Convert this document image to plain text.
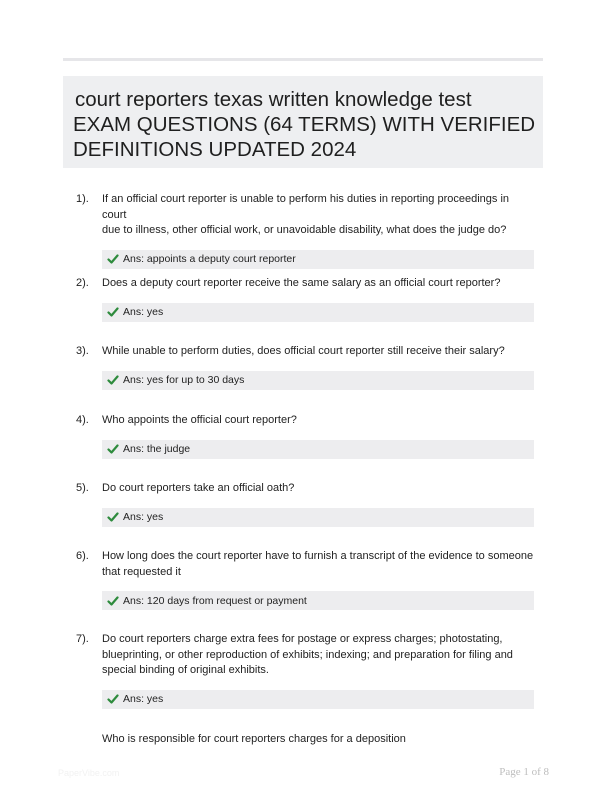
court reporters texas written knowledge test
EXAM QUESTIONS (64 TERMS) WITH VERIFIED
DEFINITIONS UPDATED 2024
1). If an official court reporter is unable to perform his duties in reporting proceedings in court
due to illness, other official work, or unavoidable disability, what does the judge do?
Ans: appoints a deputy court reporter
2). Does a deputy court reporter receive the same salary as an official court reporter?
Ans: yes
3). While unable to perform duties, does official court reporter still receive their salary?
Ans: yes for up to 30 days
4). Who appoints the official court reporter?
Ans: the judge
5). Do court reporters take an official oath?
Ans: yes
6). How long does the court reporter have to furnish a transcript of the evidence to someone
that requested it
Ans: 120 days from request or payment
7). Do court reporters charge extra fees for postage or express charges; photostating,
blueprinting, or other reproduction of exhibits; indexing; and preparation for filing and
special binding of original exhibits.
Ans: yes
Who is responsible for court reporters charges for a deposition
PaperVibe.com	Page 1 of 8
